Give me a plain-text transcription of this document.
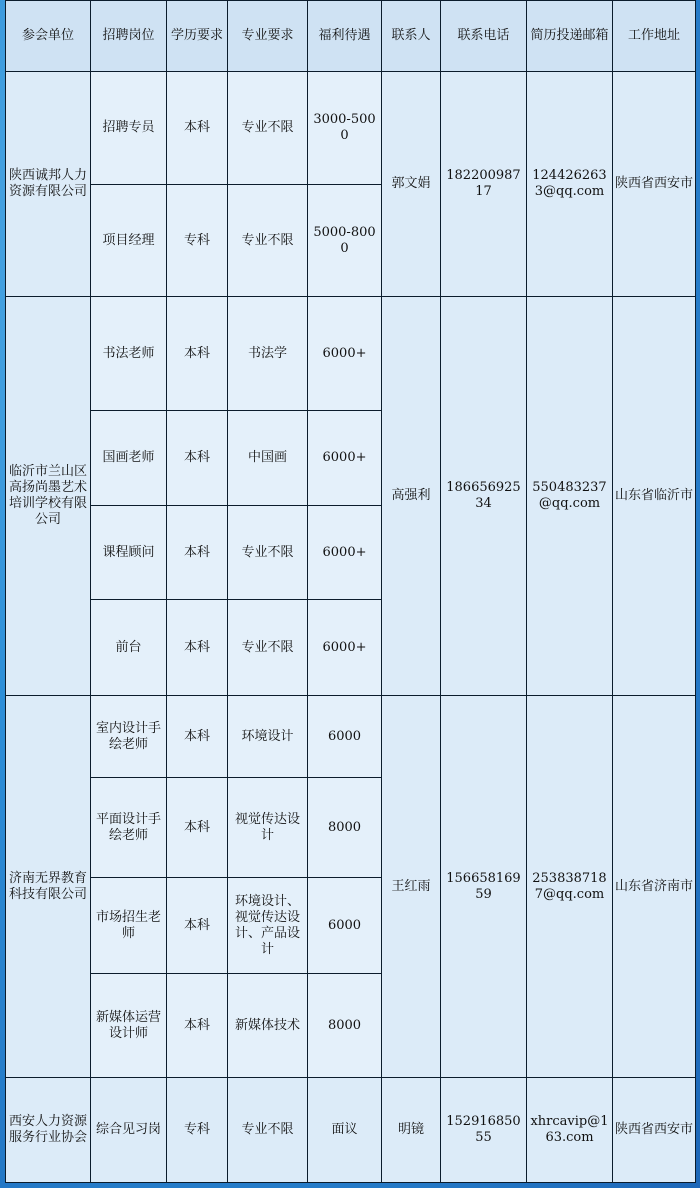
参会单位	招聘岗位	学历要求	专业要求	福利待遇	联系人	联系电话	简历投递邮箱	工作地址
陕西诚邦人力资源有限公司	招聘专员	本科	专业不限	3000-5000	郭文娟	18220098717	1244262633@qq.com	陕西省西安市
	项目经理	专科	专业不限	5000-8000				
临沂市兰山区高扬尚墨艺术培训学校有限公司	书法老师	本科	书法学	6000+	高强利	18665692534	550483237@qq.com	山东省临沂市
	国画老师	本科	中国画	6000+				
	课程顾问	本科	专业不限	6000+				
	前台	本科	专业不限	6000+				
济南无界教育科技有限公司	室内设计手绘老师	本科	环境设计	6000	王红雨	15665816959	2538387187@qq.com	山东省济南市
	平面设计手绘老师	本科	视觉传达设计	8000				
	市场招生老师	本科	环境设计、视觉传达设计、产品设计	6000				
	新媒体运营设计师	本科	新媒体技术	8000				
西安人力资源服务行业协会	综合见习岗	专科	专业不限	面议	明镜	15291685055	xhrcavip@163.com	陕西省西安市
